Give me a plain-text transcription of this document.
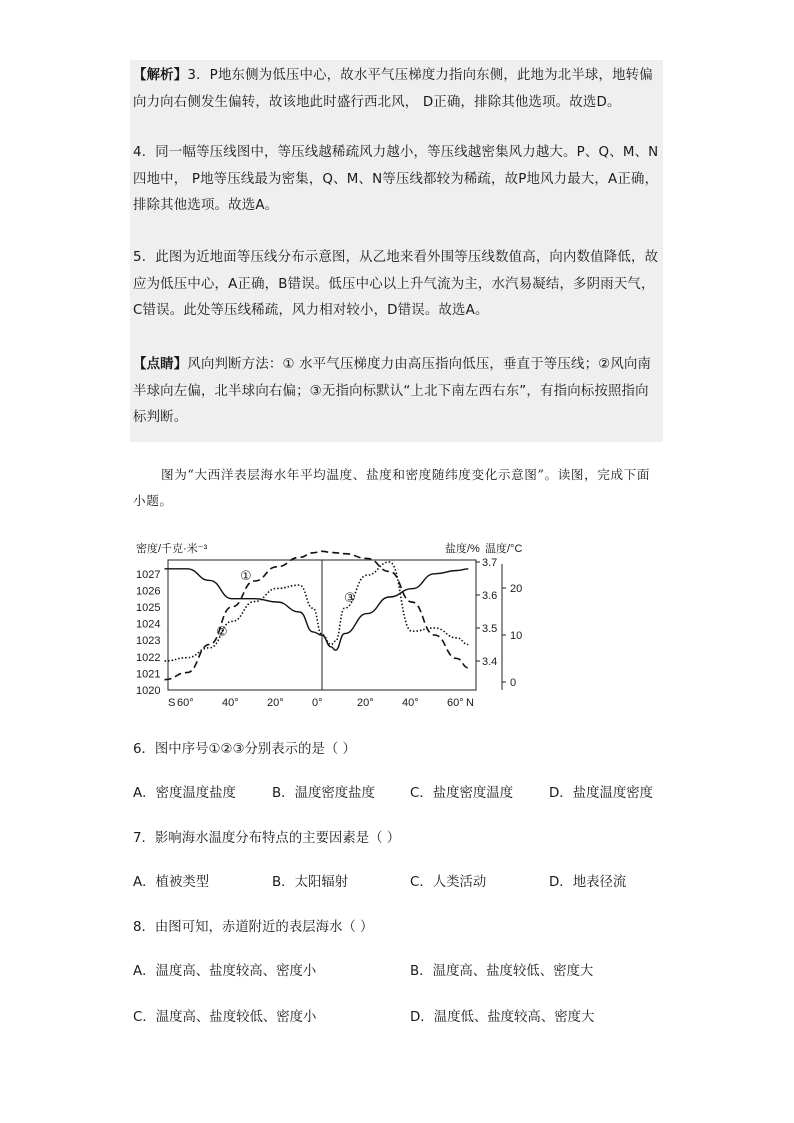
【解析】3．P地东侧为低压中心，故水平气压梯度力指向东侧，此地为北半球，地转偏向力向右侧发生偏转，故该地此时盛行西北风， D正确，排除其他选项。故选D。

4．同一幅等压线图中，等压线越稀疏风力越小，等压线越密集风力越大。P、Q、M、N四地中， P地等压线最为密集，Q、M、N等压线都较为稀疏，故P地风力最大，A正确，排除其他选项。故选A。

5．此图为近地面等压线分布示意图，从乙地来看外围等压线数值高，向内数值降低，故应为低压中心，A正确，B错误。低压中心以上升气流为主，水汽易凝结，多阴雨天气，C错误。此处等压线稀疏，风力相对较小，D错误。故选A。

【点睛】风向判断方法：① 水平气压梯度力由高压指向低压，垂直于等压线；②风向南半球向左偏，北半球向右偏；③无指向标默认“上北下南左西右东”，有指向标按照指向标判断。

图为“大西洋表层海水年平均温度、盐度和密度随纬度变化示意图”。读图，完成下面小题。
密度/千克·米⁻³	盐度/% 温度/°C
S 60°	40°	20°	0°	20°	40°	60° N
1027
1026
1025
1024
1023
1022
1021
1020
3.7
3.6
3.5
3.4
20
10
0
①
②
③
6．图中序号①②③分别表示的是（ ）
A．密度温度盐度	B．温度密度盐度	C．盐度密度温度	D．盐度温度密度
7．影响海水温度分布特点的主要因素是（ ）
A．植被类型	B．太阳辐射	C．人类活动	D．地表径流
8．由图可知，赤道附近的表层海水（ ）
A．温度高、盐度较高、密度小	B．温度高、盐度较低、密度大
C．温度高、盐度较低、密度小	D．温度低、盐度较高、密度大
